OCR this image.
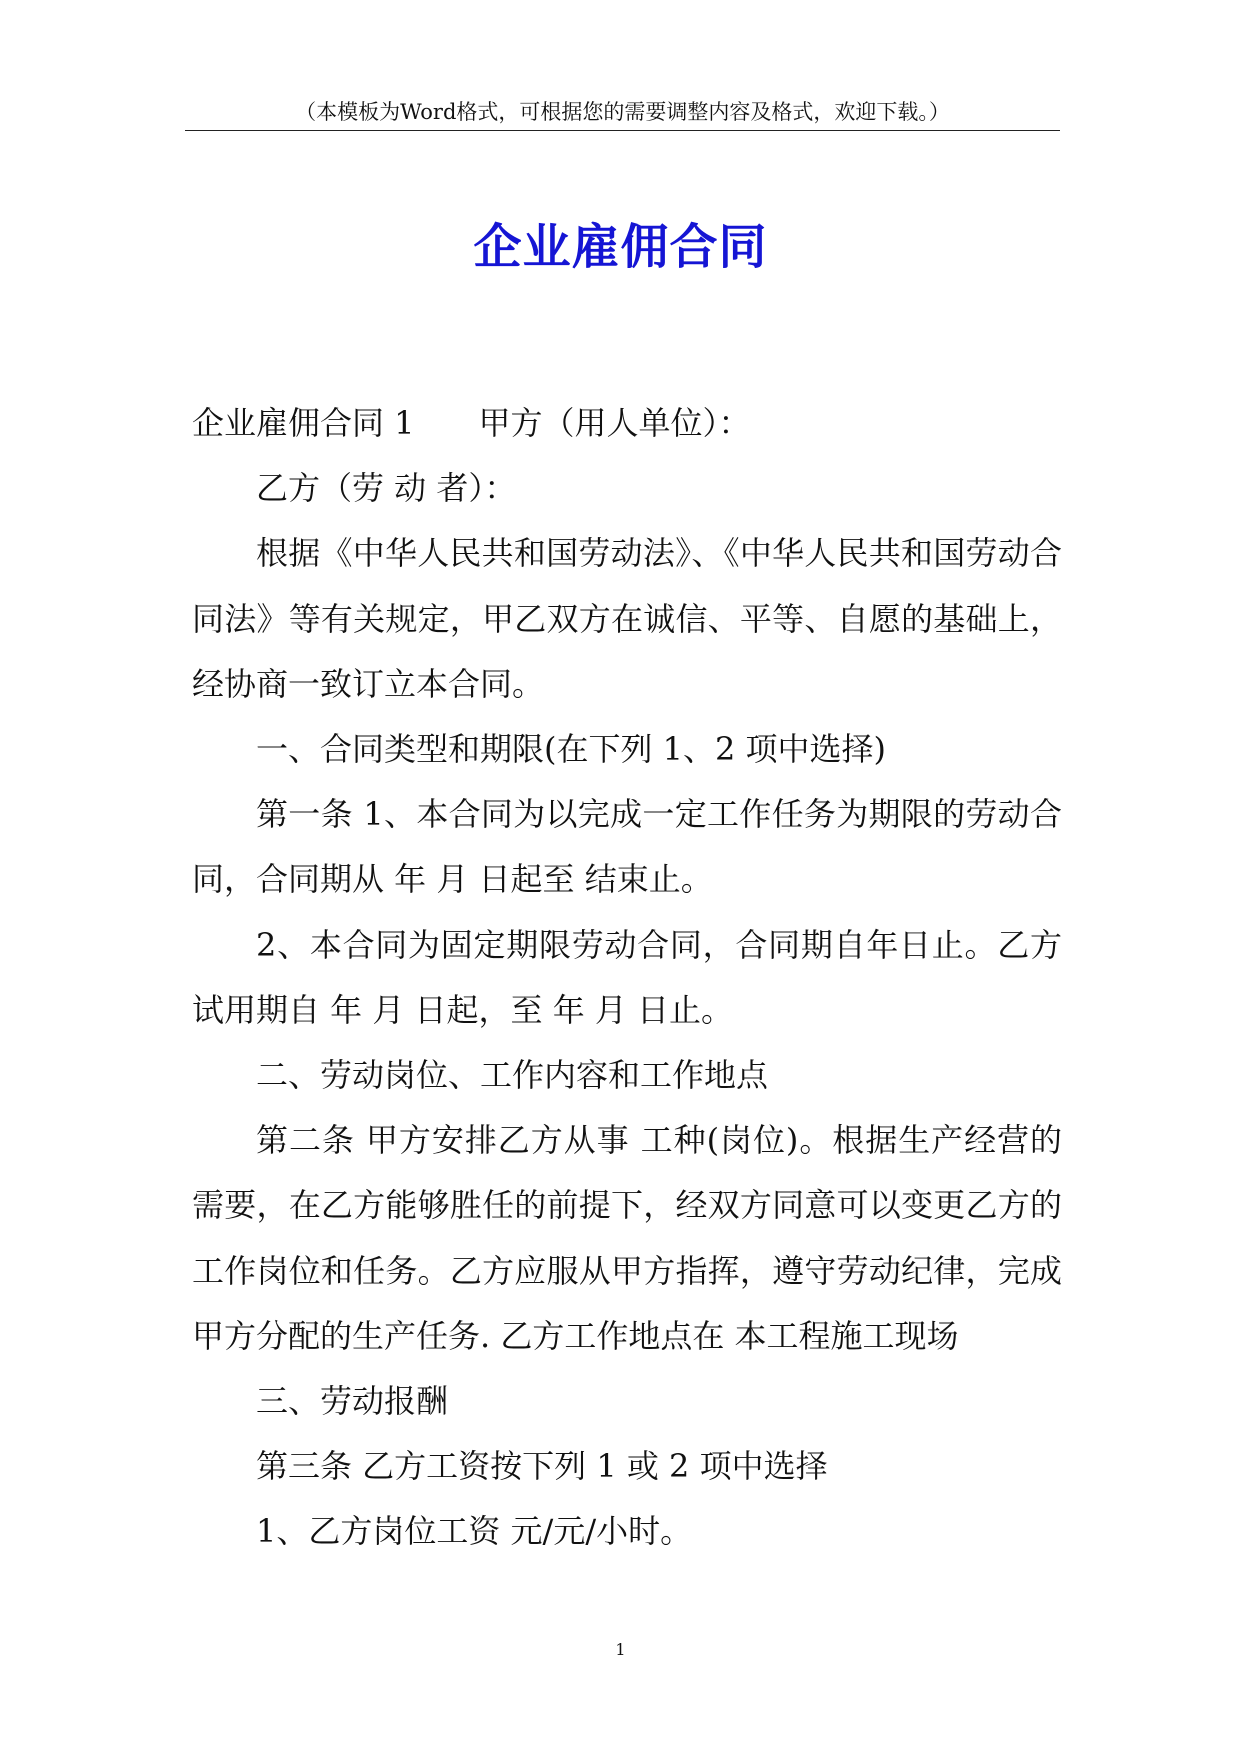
（本模板为Word格式，可根据您的需要调整内容及格式，欢迎下载。）
企业雇佣合同

企业雇佣合同 1 甲方（用人单位）：

乙方（劳 动 者）：

根据《中华人民共和国劳动法》、《中华人民共和国劳动合同法》等有关规定，甲乙双方在诚信、平等、自愿的基础上，经协商一致订立本合同。

一、合同类型和期限(在下列 1、2 项中选择)

第一条 1、本合同为以完成一定工作任务为期限的劳动合同，合同期从 年 月 日起至 结束止。

2、本合同为固定期限劳动合同，合同期自年日止。乙方试用期自 年 月 日起，至 年 月 日止。

二、劳动岗位、工作内容和工作地点

第二条 甲方安排乙方从事 工种(岗位)。根据生产经营的需要，在乙方能够胜任的前提下，经双方同意可以变更乙方的工作岗位和任务。乙方应服从甲方指挥，遵守劳动纪律，完成甲方分配的生产任务. 乙方工作地点在 本工程施工现场

三、劳动报酬

第三条 乙方工资按下列 1 或 2 项中选择

1、乙方岗位工资 元/元/小时。

1
